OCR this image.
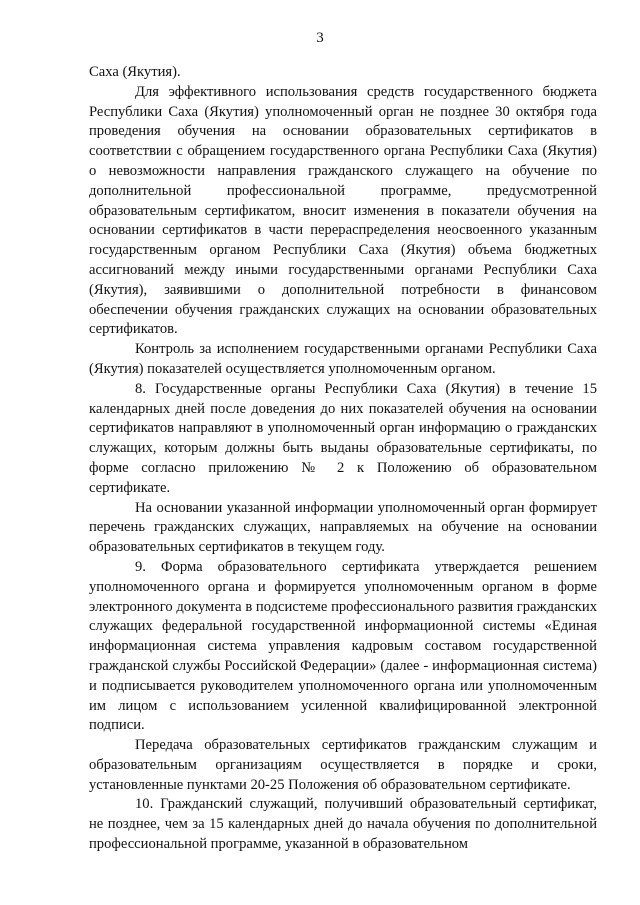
3

Саха (Якутия).

Для эффективного использования средств государственного бюджета Республики Саха (Якутия) уполномоченный орган не позднее 30 октября года проведения обучения на основании образовательных сертификатов в соответствии с обращением государственного органа Республики Саха (Якутия) о невозможности направления гражданского служащего на обучение по дополнительной профессиональной программе, предусмотренной образовательным сертификатом, вносит изменения в показатели обучения на основании сертификатов в части перераспределения неосвоенного указанным государственным органом Республики Саха (Якутия) объема бюджетных ассигнований между иными государственными органами Республики Саха (Якутия), заявившими о дополнительной потребности в финансовом обеспечении обучения гражданских служащих на основании образовательных сертификатов.

Контроль за исполнением государственными органами Республики Саха (Якутия) показателей осуществляется уполномоченным органом.

8. Государственные органы Республики Саха (Якутия) в течение 15 календарных дней после доведения до них показателей обучения на основании сертификатов направляют в уполномоченный орган информацию о гражданских служащих, которым должны быть выданы образовательные сертификаты, по форме согласно приложению № 2 к Положению об образовательном сертификате.

На основании указанной информации уполномоченный орган формирует перечень гражданских служащих, направляемых на обучение на основании образовательных сертификатов в текущем году.

9. Форма образовательного сертификата утверждается решением уполномоченного органа и формируется уполномоченным органом в форме электронного документа в подсистеме профессионального развития гражданских служащих федеральной государственной информационной системы «Единая информационная система управления кадровым составом государственной гражданской службы Российской Федерации» (далее - информационная система) и подписывается руководителем уполномоченного органа или уполномоченным им лицом с использованием усиленной квалифицированной электронной подписи.

Передача образовательных сертификатов гражданским служащим и образовательным организациям осуществляется в порядке и сроки, установленные пунктами 20-25 Положения об образовательном сертификате.

10. Гражданский служащий, получивший образовательный сертификат, не позднее, чем за 15 календарных дней до начала обучения по дополнительной профессиональной программе, указанной в образовательном
